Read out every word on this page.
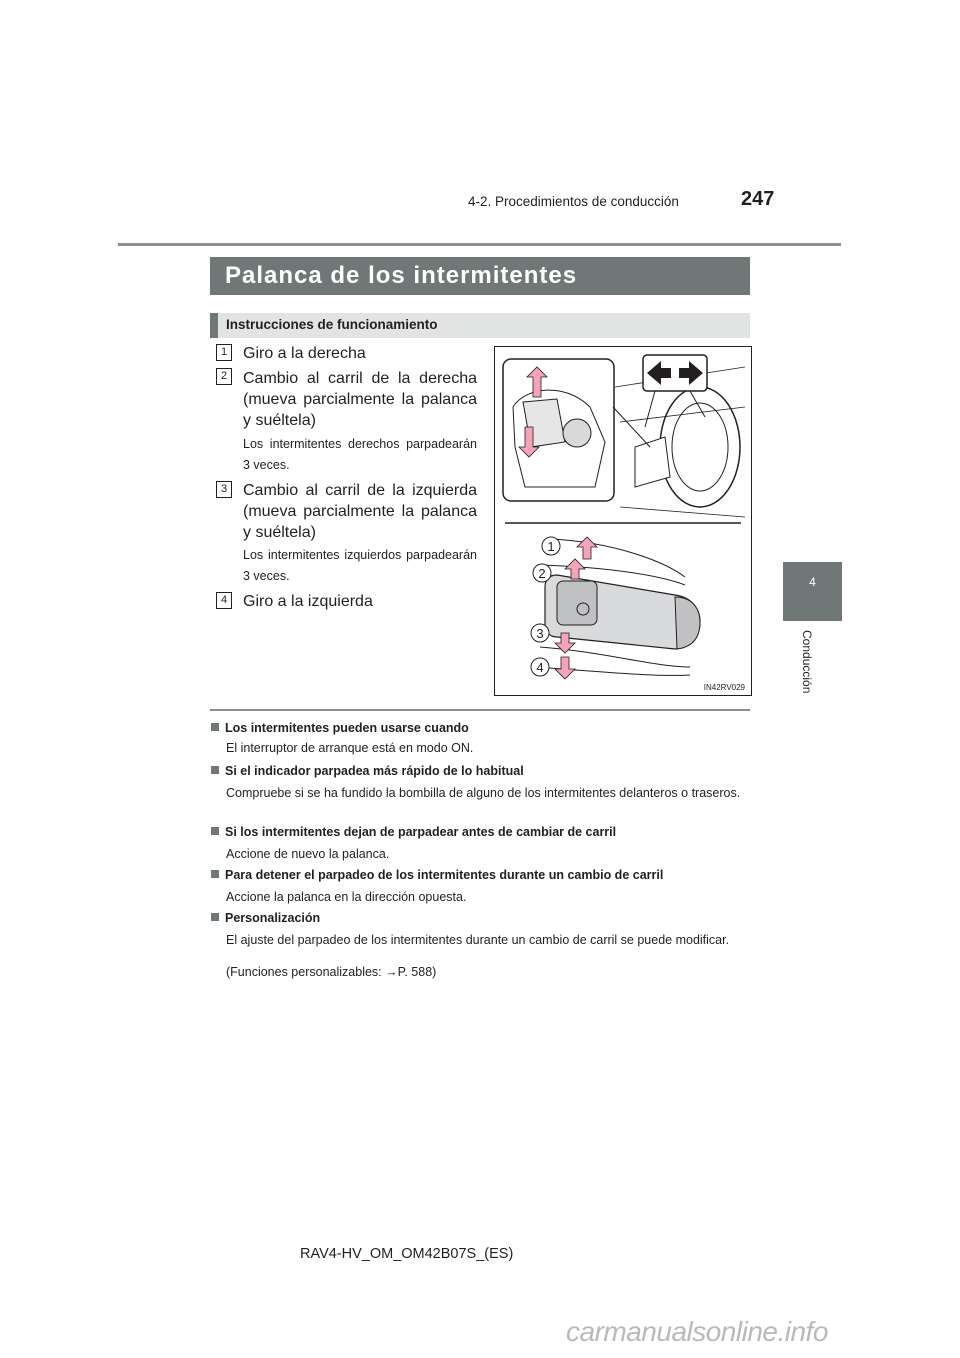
4-2. Procedimientos de conducción	247
4
Conducción
Palanca de los intermitentes
Instrucciones de funcionamiento
1 Giro a la derecha
2 Cambio al carril de la derecha (mueva parcialmente la palanca y suéltela)
Los intermitentes derechos parpadearán 3 veces.
3 Cambio al carril de la izquierda (mueva parcialmente la palanca y suéltela)
Los intermitentes izquierdos parpadearán 3 veces.
4 Giro a la izquierda
1
2
3
4
IN42RV029
Los intermitentes pueden usarse cuando
El interruptor de arranque está en modo ON.
Si el indicador parpadea más rápido de lo habitual
Compruebe si se ha fundido la bombilla de alguno de los intermitentes delanteros o traseros.
Si los intermitentes dejan de parpadear antes de cambiar de carril
Accione de nuevo la palanca.
Para detener el parpadeo de los intermitentes durante un cambio de carril
Accione la palanca en la dirección opuesta.
Personalización
El ajuste del parpadeo de los intermitentes durante un cambio de carril se puede modificar.
(Funciones personalizables: →P. 588)
RAV4-HV_OM_OM42B07S_(ES)
carmanualsonline.info
